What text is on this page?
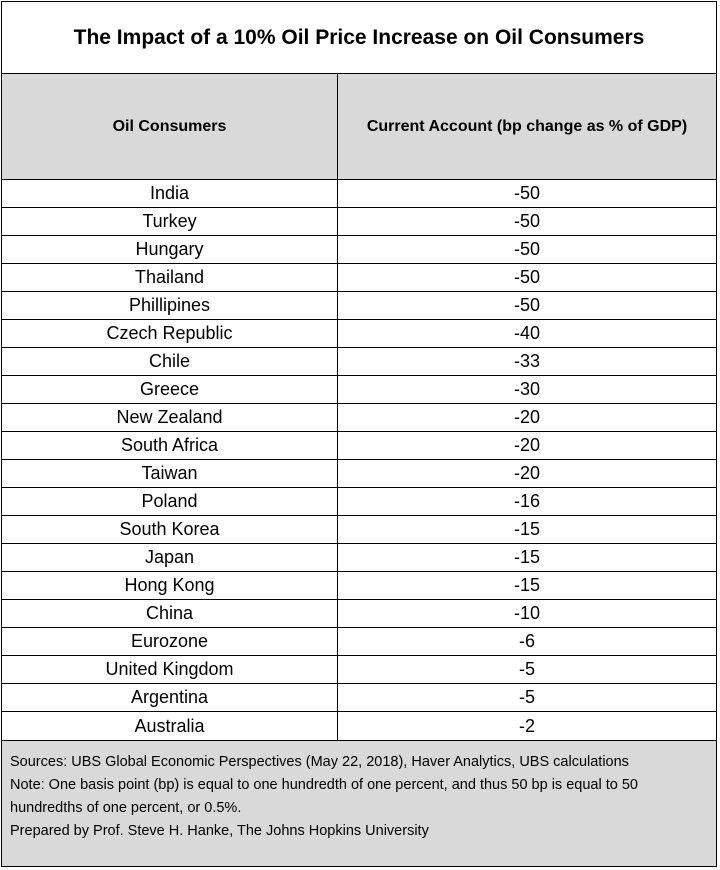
The Impact of a 10% Oil Price Increase on Oil Consumers
Oil Consumers	Current Account (bp change as % of GDP)
India	-50
Turkey	-50
Hungary	-50
Thailand	-50
Phillipines	-50
Czech Republic	-40
Chile	-33
Greece	-30
New Zealand	-20
South Africa	-20
Taiwan	-20
Poland	-16
South Korea	-15
Japan	-15
Hong Kong	-15
China	-10
Eurozone	-6
United Kingdom	-5
Argentina	-5
Australia	-2
Sources: UBS Global Economic Perspectives (May 22, 2018), Haver Analytics, UBS calculations
Note: One basis point (bp) is equal to one hundredth of one percent, and thus 50 bp is equal to 50 hundredths of one percent, or 0.5%.
Prepared by Prof. Steve H. Hanke, The Johns Hopkins University
